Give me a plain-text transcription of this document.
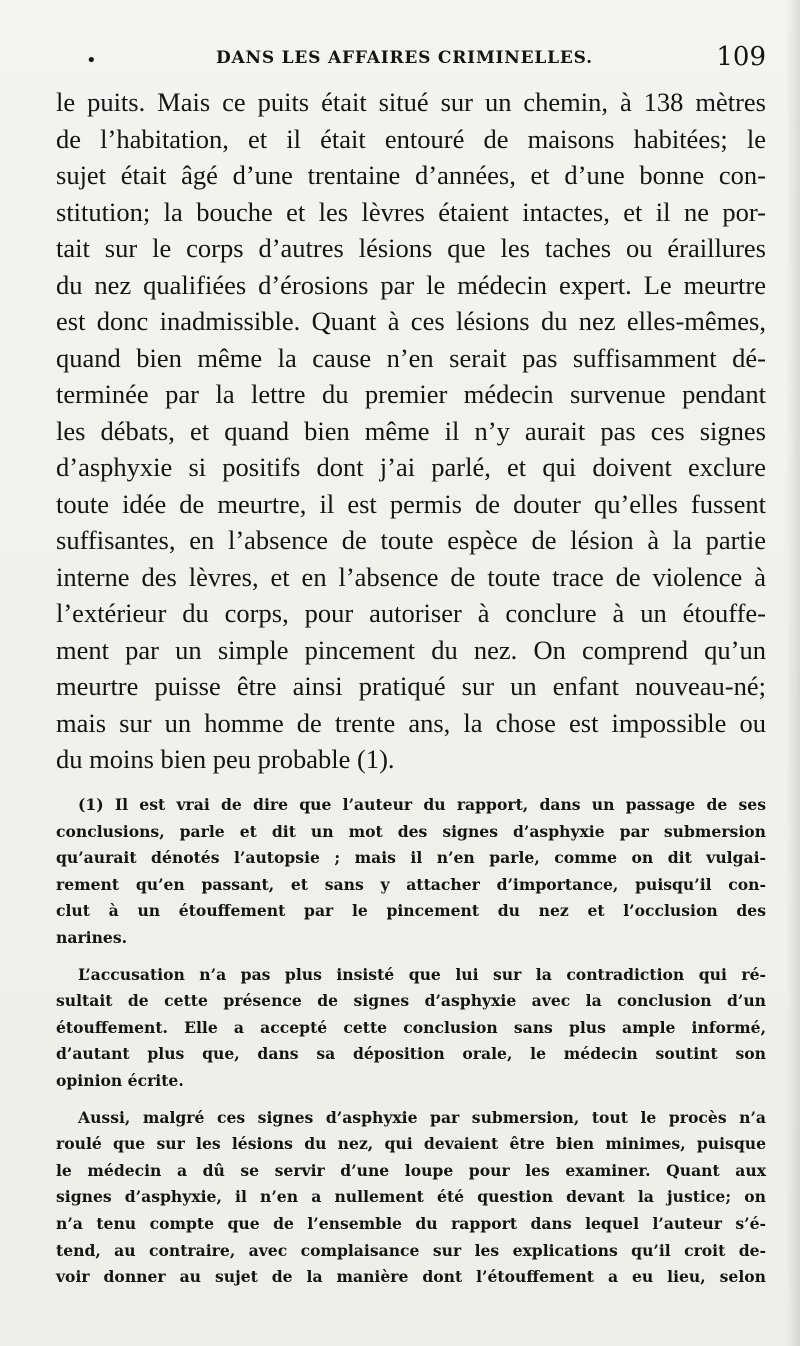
•	DANS LES AFFAIRES CRIMINELLES.	109
le puits. Mais ce puits était situé sur un chemin, à 138 mètres
de l’habitation, et il était entouré de maisons habitées; le
sujet était âgé d’une trentaine d’années, et d’une bonne con-
stitution; la bouche et les lèvres étaient intactes, et il ne por-
tait sur le corps d’autres lésions que les taches ou éraillures
du nez qualifiées d’érosions par le médecin expert. Le meurtre
est donc inadmissible. Quant à ces lésions du nez elles-mêmes,
quand bien même la cause n’en serait pas suffisamment dé-
terminée par la lettre du premier médecin survenue pendant
les débats, et quand bien même il n’y aurait pas ces signes
d’asphyxie si positifs dont j’ai parlé, et qui doivent exclure
toute idée de meurtre, il est permis de douter qu’elles fussent
suffisantes, en l’absence de toute espèce de lésion à la partie
interne des lèvres, et en l’absence de toute trace de violence à
l’extérieur du corps, pour autoriser à conclure à un étouffe-
ment par un simple pincement du nez. On comprend qu’un
meurtre puisse être ainsi pratiqué sur un enfant nouveau-né;
mais sur un homme de trente ans, la chose est impossible ou
du moins bien peu probable (1).
(1) Il est vrai de dire que l’auteur du rapport, dans un passage de ses
conclusions, parle et dit un mot des signes d’asphyxie par submersion
qu’aurait dénotés l’autopsie ; mais il n’en parle, comme on dit vulgai-
rement qu’en passant, et sans y attacher d’importance, puisqu’il con-
clut à un étouffement par le pincement du nez et l’occlusion des
narines.
L’accusation n’a pas plus insisté que lui sur la contradiction qui ré-
sultait de cette présence de signes d’asphyxie avec la conclusion d’un
étouffement. Elle a accepté cette conclusion sans plus ample informé,
d’autant plus que, dans sa déposition orale, le médecin soutint son
opinion écrite.
Aussi, malgré ces signes d’asphyxie par submersion, tout le procès n’a
roulé que sur les lésions du nez, qui devaient être bien minimes, puisque
le médecin a dû se servir d’une loupe pour les examiner. Quant aux
signes d’asphyxie, il n’en a nullement été question devant la justice; on
n’a tenu compte que de l’ensemble du rapport dans lequel l’auteur s’é-
tend, au contraire, avec complaisance sur les explications qu’il croit de-
voir donner au sujet de la manière dont l’étouffement a eu lieu, selon
